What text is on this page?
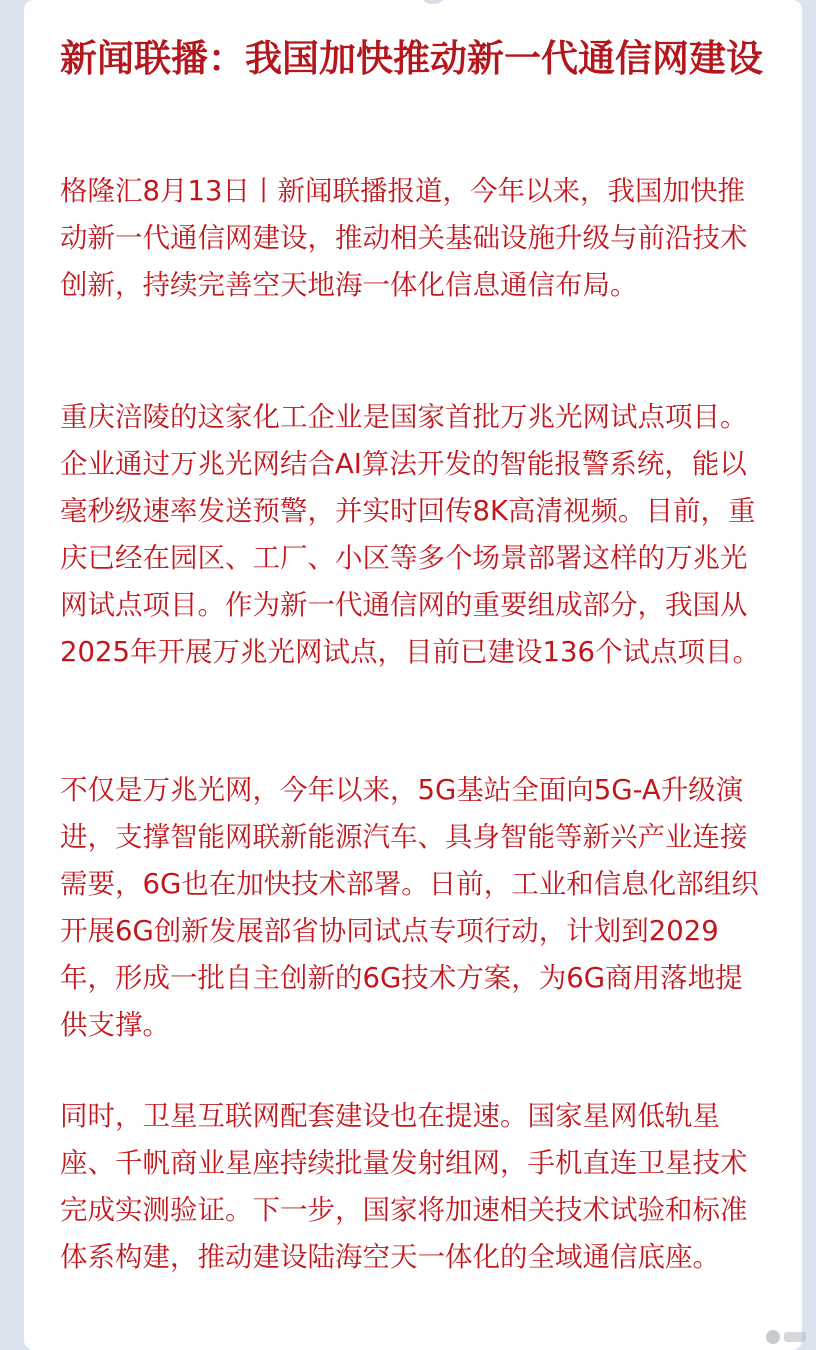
新闻联播：我国加快推动新一代通信网建设

格隆汇8月13日丨新闻联播报道，今年以来，我国加快推动新一代通信网建设，推动相关基础设施升级与前沿技术创新，持续完善空天地海一体化信息通信布局。

重庆涪陵的这家化工企业是国家首批万兆光网试点项目。企业通过万兆光网结合AI算法开发的智能报警系统，能以毫秒级速率发送预警，并实时回传8K高清视频。目前，重庆已经在园区、工厂、小区等多个场景部署这样的万兆光网试点项目。作为新一代通信网的重要组成部分，我国从2025年开展万兆光网试点，目前已建设136个试点项目。

不仅是万兆光网，今年以来，5G基站全面向5G-A升级演进，支撑智能网联新能源汽车、具身智能等新兴产业连接需要，6G也在加快技术部署。日前，工业和信息化部组织开展6G创新发展部省协同试点专项行动，计划到2029年，形成一批自主创新的6G技术方案，为6G商用落地提供支撑。

同时，卫星互联网配套建设也在提速。国家星网低轨星座、千帆商业星座持续批量发射组网，手机直连卫星技术完成实测验证。下一步，国家将加速相关技术试验和标准体系构建，推动建设陆海空天一体化的全域通信底座。
